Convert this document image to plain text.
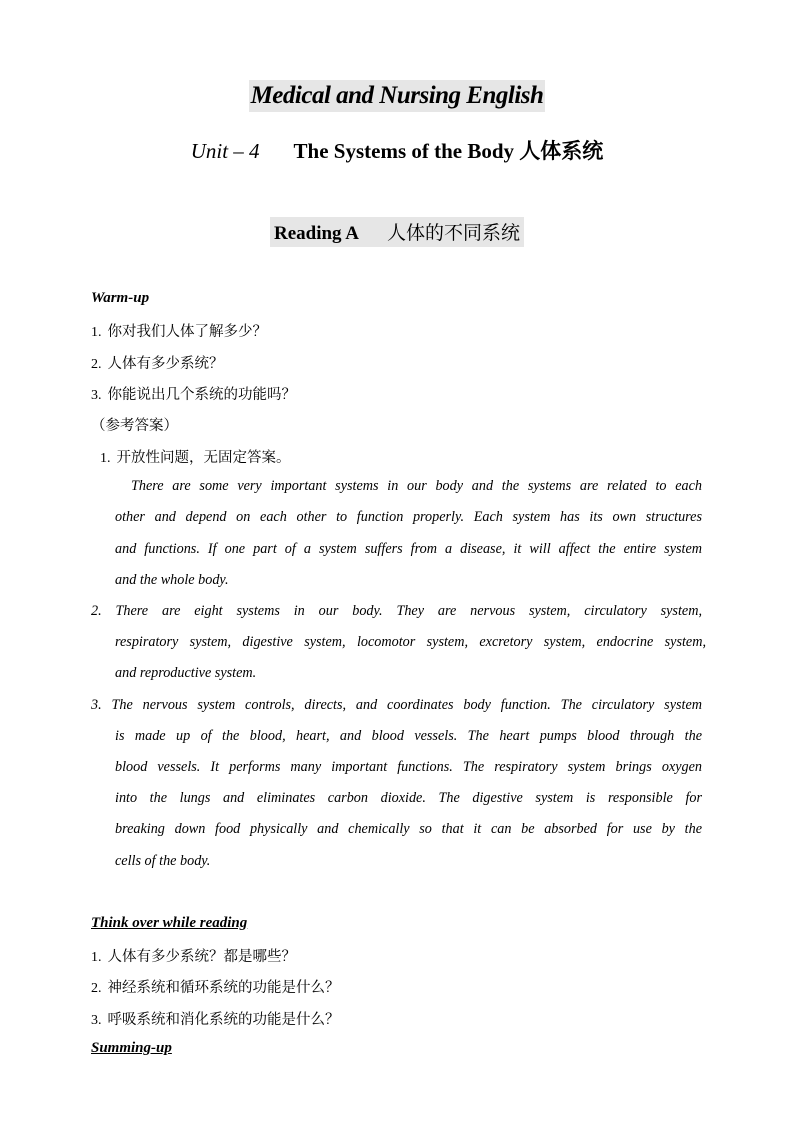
Medical and Nursing English
Unit – 4 The Systems of the Body 人体系统
Reading A 人体的不同系统
Warm-up
1. 你对我们人体了解多少？
2. 人体有多少系统？
3. 你能说出几个系统的功能吗？
（参考答案）
1. 开放性问题，无固定答案。
There are some very important systems in our body and the systems are related to each
other and depend on each other to function properly. Each system has its own structures
and functions. If one part of a system suffers from a disease, it will affect the entire system
and the whole body.
2. There are eight systems in our body. They are nervous system, circulatory system,
respiratory system, digestive system, locomotor system, excretory system, endocrine system,
and reproductive system.
3. The nervous system controls, directs, and coordinates body function. The circulatory system
is made up of the blood, heart, and blood vessels. The heart pumps blood through the
blood vessels. It performs many important functions. The respiratory system brings oxygen
into the lungs and eliminates carbon dioxide. The digestive system is responsible for
breaking down food physically and chemically so that it can be absorbed for use by the
cells of the body.
Think over while reading
1. 人体有多少系统？都是哪些？
2. 神经系统和循环系统的功能是什么？
3. 呼吸系统和消化系统的功能是什么？
Summing-up
